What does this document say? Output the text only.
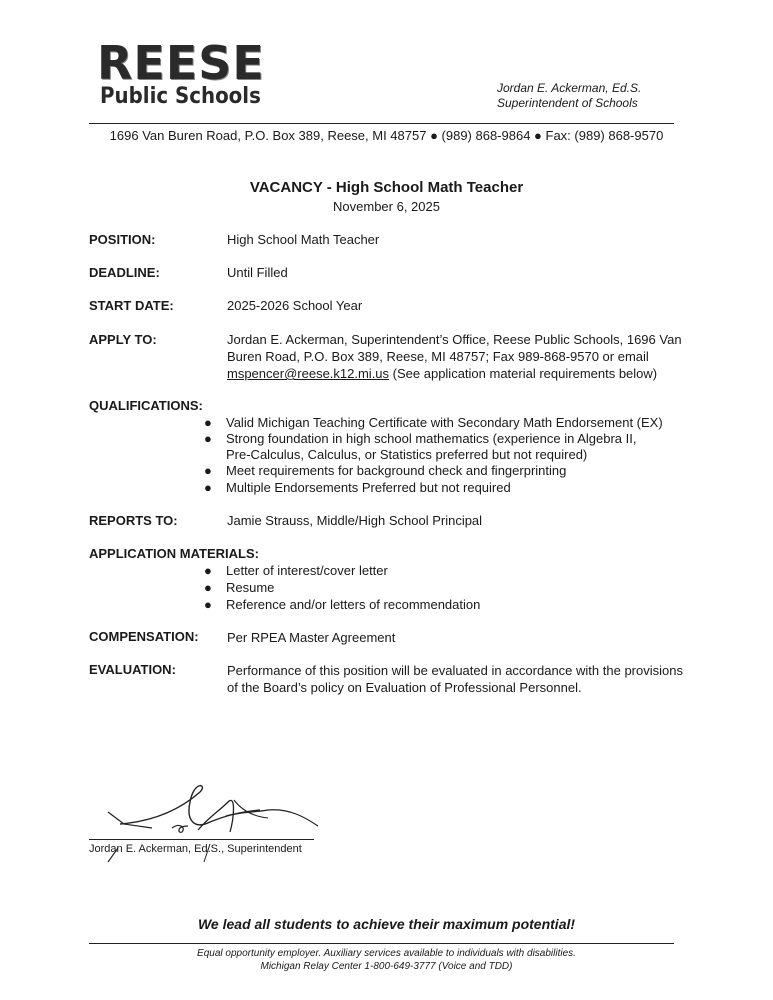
REESE
Public Schools	Jordan E. Ackerman, Ed.S.
Superintendent of Schools
1696 Van Buren Road, P.O. Box 389, Reese, MI 48757 ● (989) 868-9864 ● Fax: (989) 868-9570
VACANCY - High School Math Teacher
November 6, 2025
POSITION:	High School Math Teacher
DEADLINE:	Until Filled
START DATE:	2025-2026 School Year
APPLY TO:	Jordan E. Ackerman, Superintendent’s Office, Reese Public Schools, 1696 Van
Buren Road, P.O. Box 389, Reese, MI 48757; Fax 989-868-9570 or email
mspencer@reese.k12.mi.us (See application material requirements below)
QUALIFICATIONS:
● Valid Michigan Teaching Certificate with Secondary Math Endorsement (EX)
● Strong foundation in high school mathematics (experience in Algebra II,
Pre-Calculus, Calculus, or Statistics preferred but not required)
● Meet requirements for background check and fingerprinting
● Multiple Endorsements Preferred but not required
REPORTS TO:	Jamie Strauss, Middle/High School Principal
APPLICATION MATERIALS:
● Letter of interest/cover letter
● Resume
● Reference and/or letters of recommendation
COMPENSATION: Per RPEA Master Agreement
EVALUATION:	Performance of this position will be evaluated in accordance with the provisions
of the Board’s policy on Evaluation of Professional Personnel.
Jordan E. Ackerman, Ed.S., Superintendent
We lead all students to achieve their maximum potential!
Equal opportunity employer. Auxiliary services available to individuals with disabilities.
Michigan Relay Center 1-800-649-3777 (Voice and TDD)
